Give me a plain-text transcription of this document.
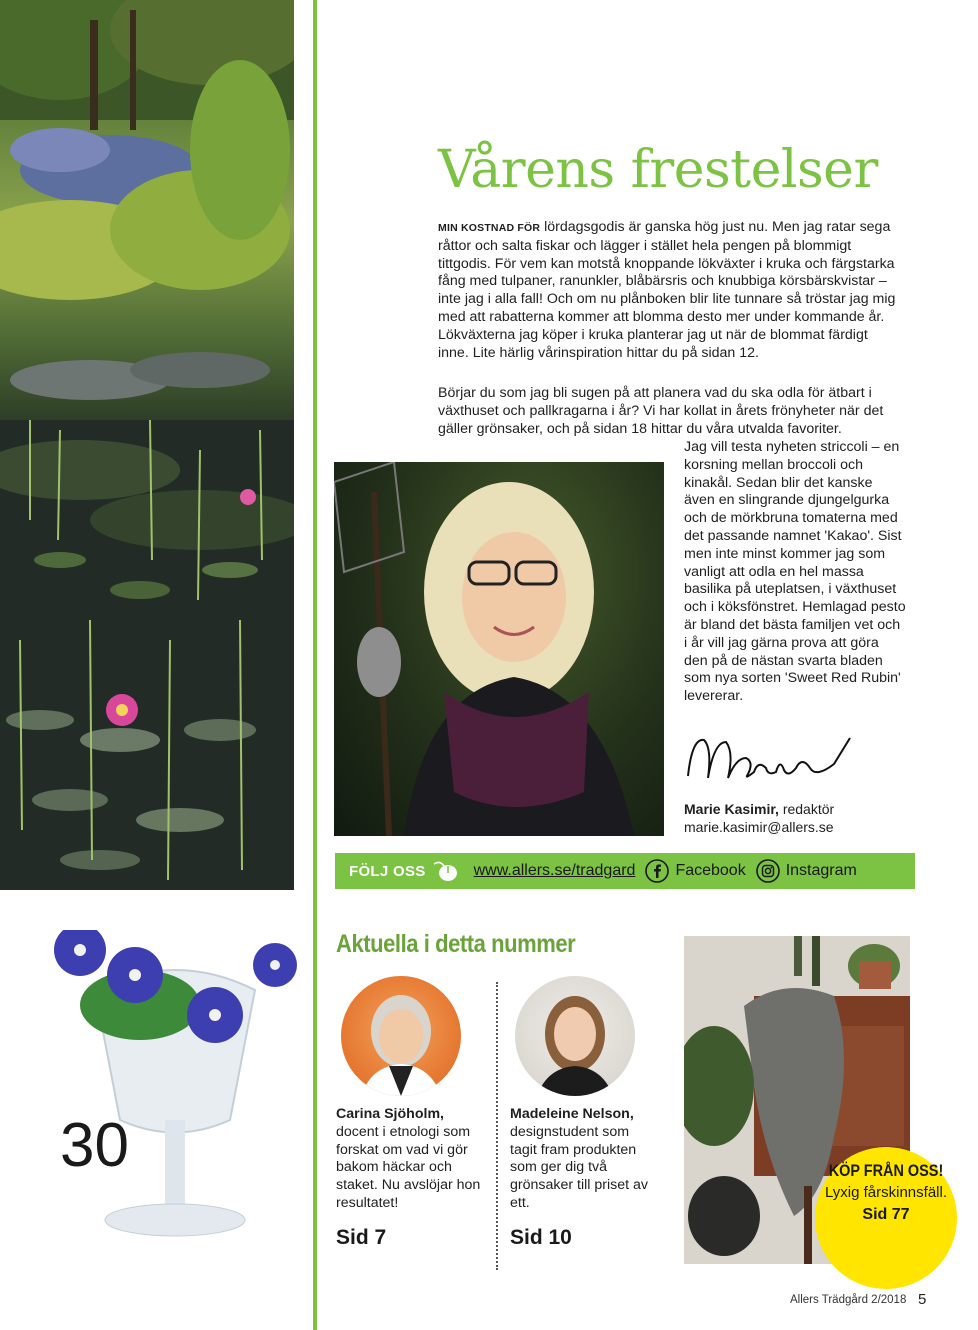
30
Vårens frestelser
MIN KOSTNAD FÖR lördagsgodis är ganska hög just nu. Men jag ratar sega råttor och salta fiskar och lägger i stället hela pengen på blommigt tittgodis. För vem kan motstå knoppande lökväxter i kruka och färgstarka fång med tulpaner, ranunkler, blåbärsris och knubbiga körsbärskvistar – inte jag i alla fall! Och om nu plånboken blir lite tunnare så tröstar jag mig med att rabatterna kommer att blomma desto mer under kommande år. Lökväxterna jag köper i kruka planterar jag ut när de blommat färdigt inne. Lite härlig vårinspiration hittar du på sidan 12.
Börjar du som jag bli sugen på att planera vad du ska odla för ätbart i växthuset och pallkragarna i år? Vi har kollat in årets frönyheter när det gäller grönsaker, och på sidan 18 hittar du våra utvalda favoriter.
Jag vill testa nyheten striccoli – en korsning mellan broccoli och kinakål. Sedan blir det kanske även en slingrande djungelgurka och de mörkbruna tomaterna med det passande namnet 'Kakao'. Sist men inte minst kommer jag som vanligt att odla en hel massa basilika på uteplatsen, i växthuset och i köksfönstret. Hemlagad pesto är bland det bästa familjen vet och i år vill jag gärna prova att göra den på de nästan svarta bladen som nya sorten 'Sweet Red Rubin' levererar.
Marie Kasimir, redaktör
marie.kasimir@allers.se
FÖLJ OSS	www.allers.se/tradgard	Facebook	Instagram
Aktuella i detta nummer
Carina Sjöholm,
docent i etnologi som forskat om vad vi gör bakom häckar och staket. Nu avslöjar hon resultatet!
Madeleine Nelson,
designstudent som tagit fram produkten som ger dig två grönsaker till priset av ett.
Sid 7	Sid 10
KÖP FRÅN OSS!
Lyxig fårskinnsfäll.
Sid 77
Allers Trädgård 2/2018 5
